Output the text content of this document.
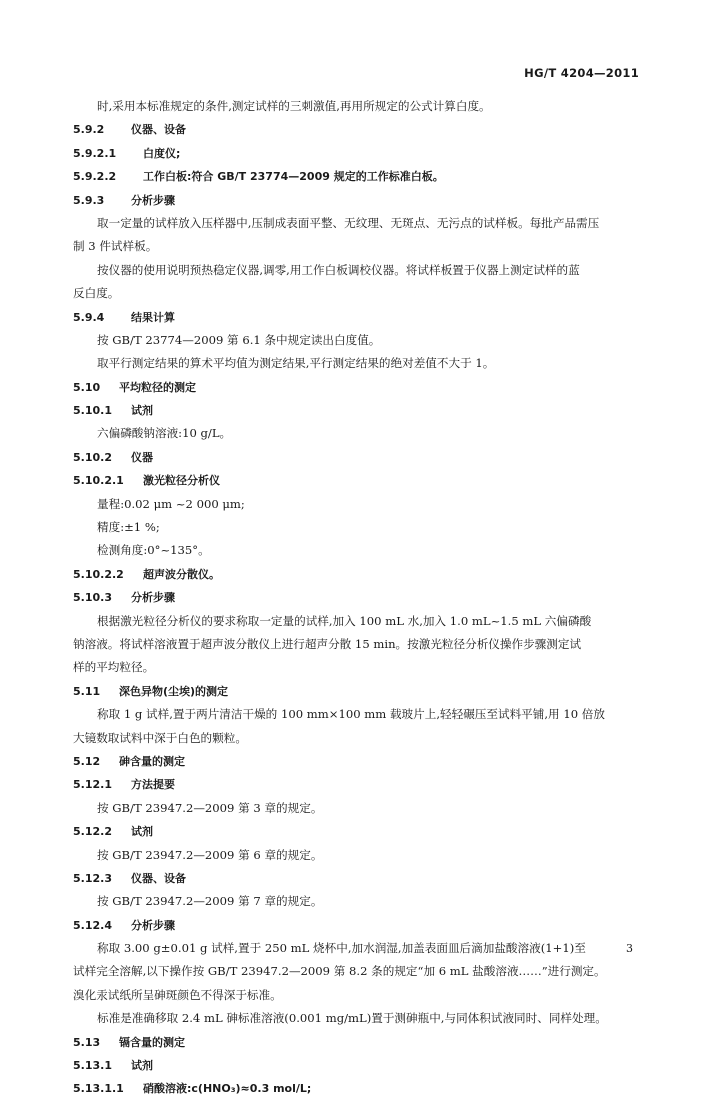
HG/T 4204—2011
时,采用本标准规定的条件,测定试样的三刺激值,再用所规定的公式计算白度。
5.9.2 仪器、设备
5.9.2.1 白度仪;
5.9.2.2 工作白板:符合 GB/T 23774—2009 规定的工作标准白板。
5.9.3 分析步骤
取一定量的试样放入压样器中,压制成表面平整、无纹理、无斑点、无污点的试样板。每批产品需压
制 3 件试样板。
按仪器的使用说明预热稳定仪器,调零,用工作白板调校仪器。将试样板置于仪器上测定试样的蓝
反白度。
5.9.4 结果计算
按 GB/T 23774—2009 第 6.1 条中规定读出白度值。
取平行测定结果的算术平均值为测定结果,平行测定结果的绝对差值不大于 1。
5.10 平均粒径的测定
5.10.1 试剂
六偏磷酸钠溶液:10 g/L。
5.10.2 仪器
5.10.2.1 激光粒径分析仪
量程:0.02 μm ~2 000 μm;
精度:±1 %;
检测角度:0°~135°。
5.10.2.2 超声波分散仪。
5.10.3 分析步骤
根据激光粒径分析仪的要求称取一定量的试样,加入 100 mL 水,加入 1.0 mL~1.5 mL 六偏磷酸
钠溶液。将试样溶液置于超声波分散仪上进行超声分散 15 min。按激光粒径分析仪操作步骤测定试
样的平均粒径。
5.11 深色异物(尘埃)的测定
称取 1 g 试样,置于两片清洁干燥的 100 mm×100 mm 载玻片上,轻轻碾压至试料平铺,用 10 倍放
大镜数取试料中深于白色的颗粒。
5.12 砷含量的测定
5.12.1 方法提要
按 GB/T 23947.2—2009 第 3 章的规定。
5.12.2 试剂
按 GB/T 23947.2—2009 第 6 章的规定。
5.12.3 仪器、设备
按 GB/T 23947.2—2009 第 7 章的规定。
5.12.4 分析步骤
称取 3.00 g±0.01 g 试样,置于 250 mL 烧杯中,加水润湿,加盖表面皿后滴加盐酸溶液(1+1)至
试样完全溶解,以下操作按 GB/T 23947.2—2009 第 8.2 条的规定“加 6 mL 盐酸溶液……”进行测定。
溴化汞试纸所呈砷斑颜色不得深于标准。
标准是准确移取 2.4 mL 砷标准溶液(0.001 mg/mL)置于测砷瓶中,与同体积试液同时、同样处理。
5.13 镉含量的测定
5.13.1 试剂
5.13.1.1 硝酸溶液:c(HNO₃)≈0.3 mol/L;
3
